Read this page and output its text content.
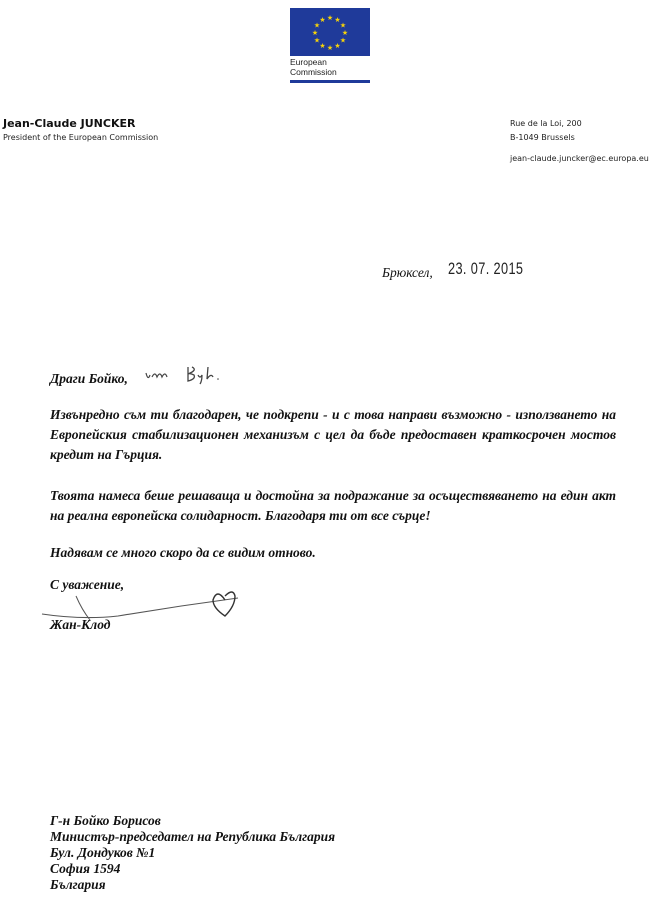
★ ★
★
★
★
★
★
★
★
★
★
★
European
Commission
Jean-Claude JUNCKER
President of the European Commission
Rue de la Loi, 200
B-1049 Brussels
jean-claude.juncker@ec.europa.eu
Брюксел, 23. 07. 2015
Драги Бойко,
Извънредно съм ти благодарен, че подкрепи - и с това направи възможно - използването на Европейския стабилизационен механизъм с цел да бъде предоставен краткосрочен мостов кредит на Гърция.
Твоята намеса беше решаваща и достойна за подражание за осъществяването на един акт на реална европейска солидарност. Благодаря ти от все сърце!
Надявам се много скоро да се видим отново.
С уважение,
Жан-Клод
Г-н Бойко Борисов
Министър-председател на Република България
Бул. Дондуков №1
София 1594
България
